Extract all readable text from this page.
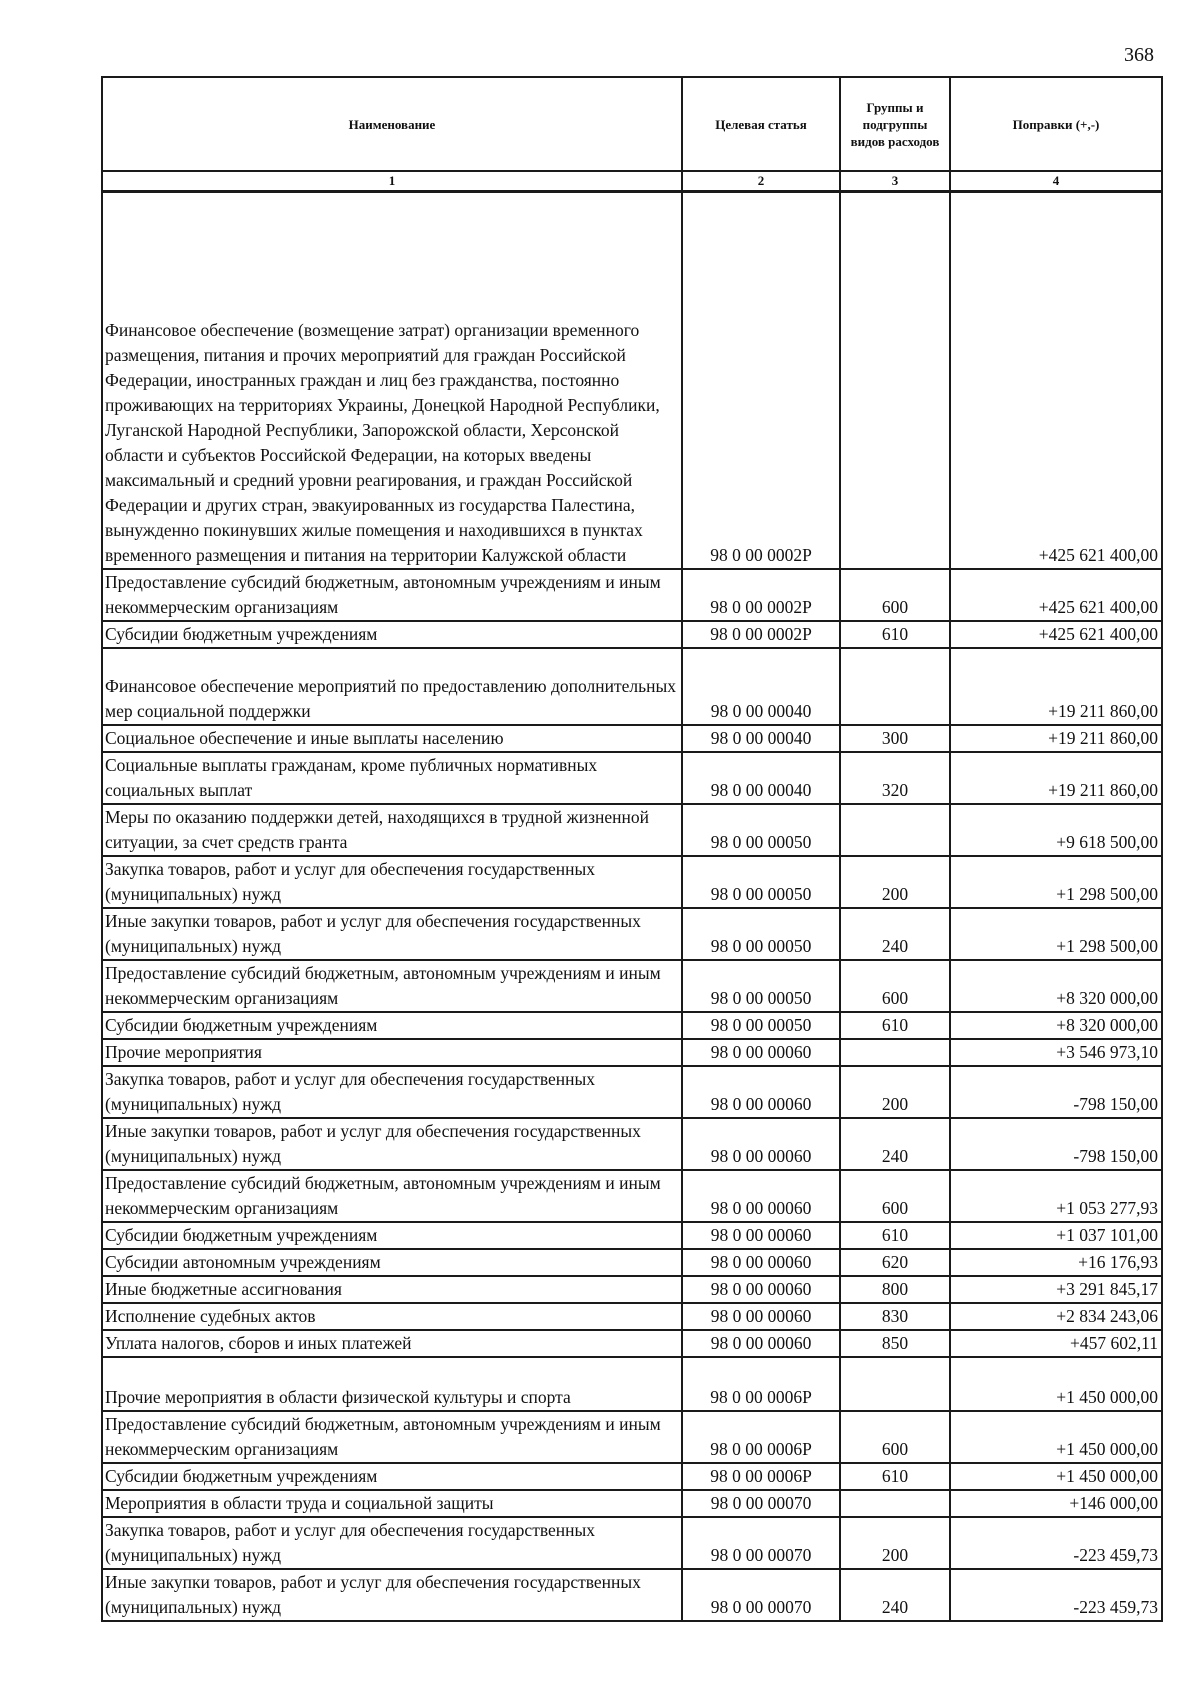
368
Наименование	Целевая статья	Группы и подгруппы видов расходов	Поправки (+,-)
1	2	3	4
Финансовое обеспечение (возмещение затрат) организации временного размещения, питания и прочих мероприятий для граждан Российской Федерации, иностранных граждан и лиц без гражданства, постоянно проживающих на территориях Украины, Донецкой Народной Республики, Луганской Народной Республики, Запорожской области, Херсонской области и субъектов Российской Федерации, на которых введены максимальный и средний уровни реагирования, и граждан Российской Федерации и других стран, эвакуированных из государства Палестина, вынужденно покинувших жилые помещения и находившихся в пунктах временного размещения и питания на территории Калужской области	98 0 00 0002Р		+425 621 400,00
Предоставление субсидий бюджетным, автономным учреждениям и иным некоммерческим организациям	98 0 00 0002Р	600	+425 621 400,00
Субсидии бюджетным учреждениям	98 0 00 0002Р	610	+425 621 400,00
Финансовое обеспечение мероприятий по предоставлению дополнительных мер социальной поддержки	98 0 00 00040		+19 211 860,00
Социальное обеспечение и иные выплаты населению	98 0 00 00040	300	+19 211 860,00
Социальные выплаты гражданам, кроме публичных нормативных социальных выплат	98 0 00 00040	320	+19 211 860,00
Меры по оказанию поддержки детей, находящихся в трудной жизненной ситуации, за счет средств гранта	98 0 00 00050		+9 618 500,00
Закупка товаров, работ и услуг для обеспечения государственных (муниципальных) нужд	98 0 00 00050	200	+1 298 500,00
Иные закупки товаров, работ и услуг для обеспечения государственных (муниципальных) нужд	98 0 00 00050	240	+1 298 500,00
Предоставление субсидий бюджетным, автономным учреждениям и иным некоммерческим организациям	98 0 00 00050	600	+8 320 000,00
Субсидии бюджетным учреждениям	98 0 00 00050	610	+8 320 000,00
Прочие мероприятия	98 0 00 00060		+3 546 973,10
Закупка товаров, работ и услуг для обеспечения государственных (муниципальных) нужд	98 0 00 00060	200	-798 150,00
Иные закупки товаров, работ и услуг для обеспечения государственных (муниципальных) нужд	98 0 00 00060	240	-798 150,00
Предоставление субсидий бюджетным, автономным учреждениям и иным некоммерческим организациям	98 0 00 00060	600	+1 053 277,93
Субсидии бюджетным учреждениям	98 0 00 00060	610	+1 037 101,00
Субсидии автономным учреждениям	98 0 00 00060	620	+16 176,93
Иные бюджетные ассигнования	98 0 00 00060	800	+3 291 845,17
Исполнение судебных актов	98 0 00 00060	830	+2 834 243,06
Уплата налогов, сборов и иных платежей	98 0 00 00060	850	+457 602,11
Прочие мероприятия в области физической культуры и спорта	98 0 00 0006Р		+1 450 000,00
Предоставление субсидий бюджетным, автономным учреждениям и иным некоммерческим организациям	98 0 00 0006Р	600	+1 450 000,00
Субсидии бюджетным учреждениям	98 0 00 0006Р	610	+1 450 000,00
Мероприятия в области труда и социальной защиты	98 0 00 00070		+146 000,00
Закупка товаров, работ и услуг для обеспечения государственных (муниципальных) нужд	98 0 00 00070	200	-223 459,73
Иные закупки товаров, работ и услуг для обеспечения государственных (муниципальных) нужд	98 0 00 00070	240	-223 459,73
